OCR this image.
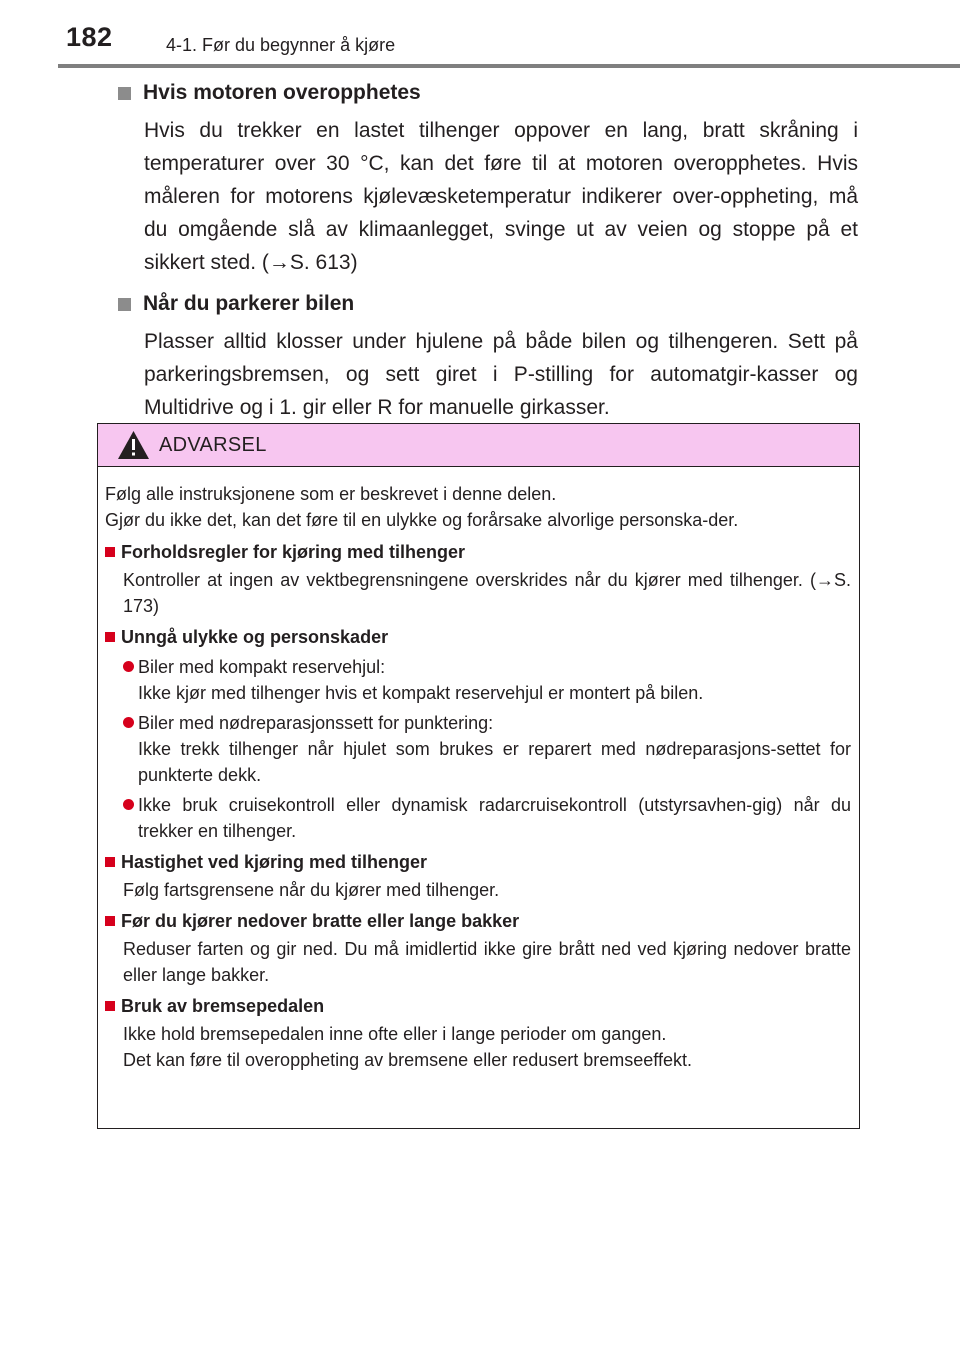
182	4-1. Før du begynner å kjøre
Hvis motoren overopphetes
Hvis du trekker en lastet tilhenger oppover en lang, bratt skråning i temperaturer over 30 °C, kan det føre til at motoren overopphetes. Hvis måleren for motorens kjølevæsketemperatur indikerer over-oppheting, må du omgående slå av klimaanlegget, svinge ut av veien og stoppe på et sikkert sted. (→S. 613)
Når du parkerer bilen
Plasser alltid klosser under hjulene på både bilen og tilhengeren. Sett på parkeringsbremsen, og sett giret i P-stilling for automatgir-kasser og Multidrive og i 1. gir eller R for manuelle girkasser.
ADVARSEL
Følg alle instruksjonene som er beskrevet i denne delen.
Gjør du ikke det, kan det føre til en ulykke og forårsake alvorlige personska-der.
Forholdsregler for kjøring med tilhenger
Kontroller at ingen av vektbegrensningene overskrides når du kjører med tilhenger. (→S. 173)
Unngå ulykke og personskader
Biler med kompakt reservehjul:
Ikke kjør med tilhenger hvis et kompakt reservehjul er montert på bilen.
Biler med nødreparasjonssett for punktering:
Ikke trekk tilhenger når hjulet som brukes er reparert med nødreparasjons-settet for punkterte dekk.
Ikke bruk cruisekontroll eller dynamisk radarcruisekontroll (utstyrsavhen-gig) når du trekker en tilhenger.
Hastighet ved kjøring med tilhenger
Følg fartsgrensene når du kjører med tilhenger.
Før du kjører nedover bratte eller lange bakker
Reduser farten og gir ned. Du må imidlertid ikke gire brått ned ved kjøring nedover bratte eller lange bakker.
Bruk av bremsepedalen
Ikke hold bremsepedalen inne ofte eller i lange perioder om gangen.
Det kan føre til overoppheting av bremsene eller redusert bremseeffekt.
